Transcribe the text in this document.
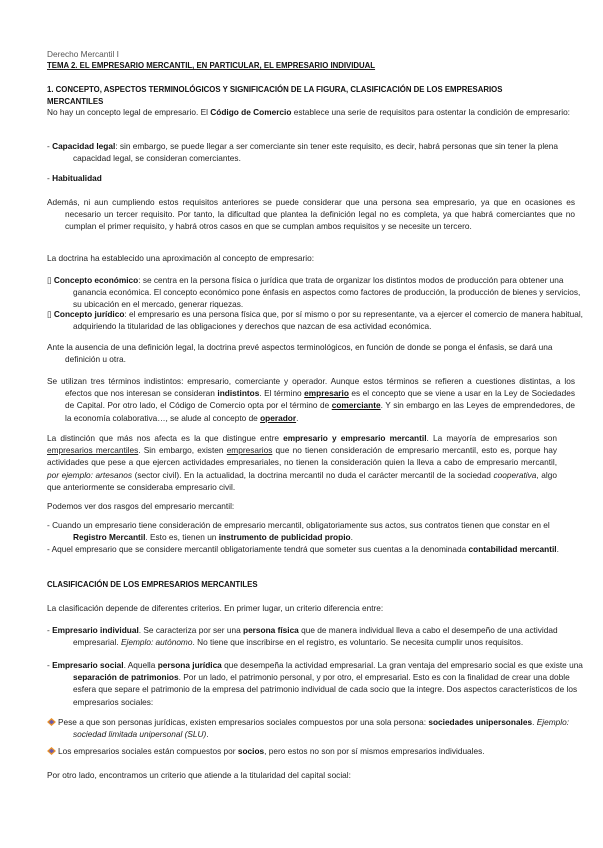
Derecho Mercantil I

TEMA 2. EL EMPRESARIO MERCANTIL, EN PARTICULAR, EL EMPRESARIO INDIVIDUAL

1. CONCEPTO, ASPECTOS TERMINOLÓGICOS Y SIGNIFICACIÓN DE LA FIGURA, CLASIFICACIÓN DE LOS EMPRESARIOS MERCANTILES

No hay un concepto legal de empresario. El Código de Comercio establece una serie de requisitos para ostentar la condición de empresario:

- Capacidad legal: sin embargo, se puede llegar a ser comerciante sin tener este requisito, es decir, habrá personas que sin tener la plena capacidad legal, se consideran comerciantes.

- Habitualidad

Además, ni aun cumpliendo estos requisitos anteriores se puede considerar que una persona sea empresario, ya que en ocasiones es necesario un tercer requisito. Por tanto, la dificultad que plantea la definición legal no es completa, ya que habrá comerciantes que no cumplan el primer requisito, y habrá otros casos en que se cumplan ambos requisitos y se necesite un tercero.

La doctrina ha establecido una aproximación al concepto de empresario:

▯ Concepto económico: se centra en la persona física o jurídica que trata de organizar los distintos modos de producción para obtener una ganancia económica. El concepto económico pone énfasis en aspectos como factores de producción, la producción de bienes y servicios, su ubicación en el mercado, generar riquezas.

▯ Concepto jurídico: el empresario es una persona física que, por sí mismo o por su representante, va a ejercer el comercio de manera habitual, adquiriendo la titularidad de las obligaciones y derechos que nazcan de esa actividad económica.

Ante la ausencia de una definición legal, la doctrina prevé aspectos terminológicos, en función de donde se ponga el énfasis, se dará una definición u otra.

Se utilizan tres términos indistintos: empresario, comerciante y operador. Aunque estos términos se refieren a cuestiones distintas, a los efectos que nos interesan se consideran indistintos. El término empresario es el concepto que se viene a usar en la Ley de Sociedades de Capital. Por otro lado, el Código de Comercio opta por el término de comerciante. Y sin embargo en las Leyes de emprendedores, de la economía colaborativa…, se alude al concepto de operador.

La distinción que más nos afecta es la que distingue entre empresario y empresario mercantil. La mayoría de empresarios son empresarios mercantiles. Sin embargo, existen empresarios que no tienen consideración de empresario mercantil, esto es, porque hay actividades que pese a que ejercen actividades empresariales, no tienen la consideración quien la lleva a cabo de empresario mercantil, por ejemplo: artesanos (sector civil). En la actualidad, la doctrina mercantil no duda el carácter mercantil de la sociedad cooperativa, algo que anteriormente se consideraba empresario civil.

Podemos ver dos rasgos del empresario mercantil:

- Cuando un empresario tiene consideración de empresario mercantil, obligatoriamente sus actos, sus contratos tienen que constar en el Registro Mercantil. Esto es, tienen un instrumento de publicidad propio.

- Aquel empresario que se considere mercantil obligatoriamente tendrá que someter sus cuentas a la denominada contabilidad mercantil.

CLASIFICACIÓN DE LOS EMPRESARIOS MERCANTILES

La clasificación depende de diferentes criterios. En primer lugar, un criterio diferencia entre:

- Empresario individual. Se caracteriza por ser una persona física que de manera individual lleva a cabo el desempeño de una actividad empresarial. Ejemplo: autónomo. No tiene que inscribirse en el registro, es voluntario. Se necesita cumplir unos requisitos.

- Empresario social. Aquella persona jurídica que desempeña la actividad empresarial. La gran ventaja del empresario social es que existe una separación de patrimonios. Por un lado, el patrimonio personal, y por otro, el empresarial. Esto es con la finalidad de crear una doble esfera que separe el patrimonio de la empresa del patrimonio individual de cada socio que la integre. Dos aspectos característicos de los empresarios sociales:

Pese a que son personas jurídicas, existen empresarios sociales compuestos por una sola persona: sociedades unipersonales. Ejemplo: sociedad limitada unipersonal (SLU).

Los empresarios sociales están compuestos por socios, pero estos no son por sí mismos empresarios individuales.

Por otro lado, encontramos un criterio que atiende a la titularidad del capital social:
